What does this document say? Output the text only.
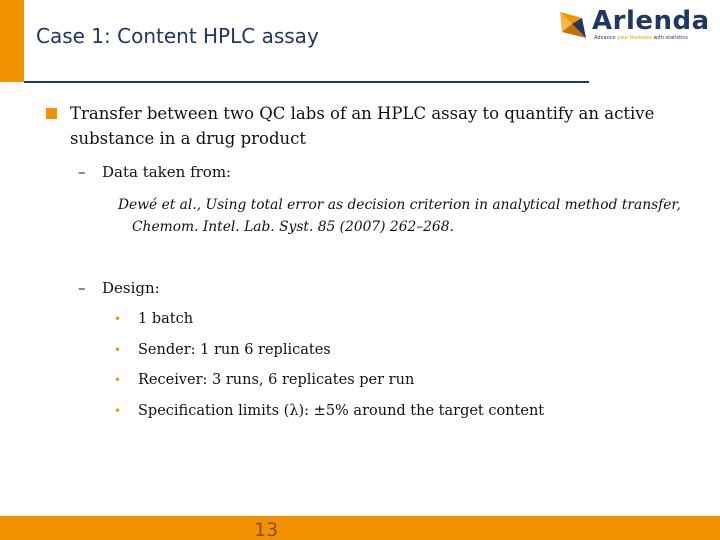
Case 1: Content HPLC assay	Arlenda
Advance your business with statistics
Transfer between two QC labs of an HPLC assay to quantify an active substance in a drug product
– Data taken from:
Dewé et al., Using total error as decision criterion in analytical method transfer,
Chemom. Intel. Lab. Syst. 85 (2007) 262–268.
– Design:
• 1 batch
• Sender: 1 run 6 replicates
• Receiver: 3 runs, 6 replicates per run
• Specification limits (λ): ±5% around the target content
13
